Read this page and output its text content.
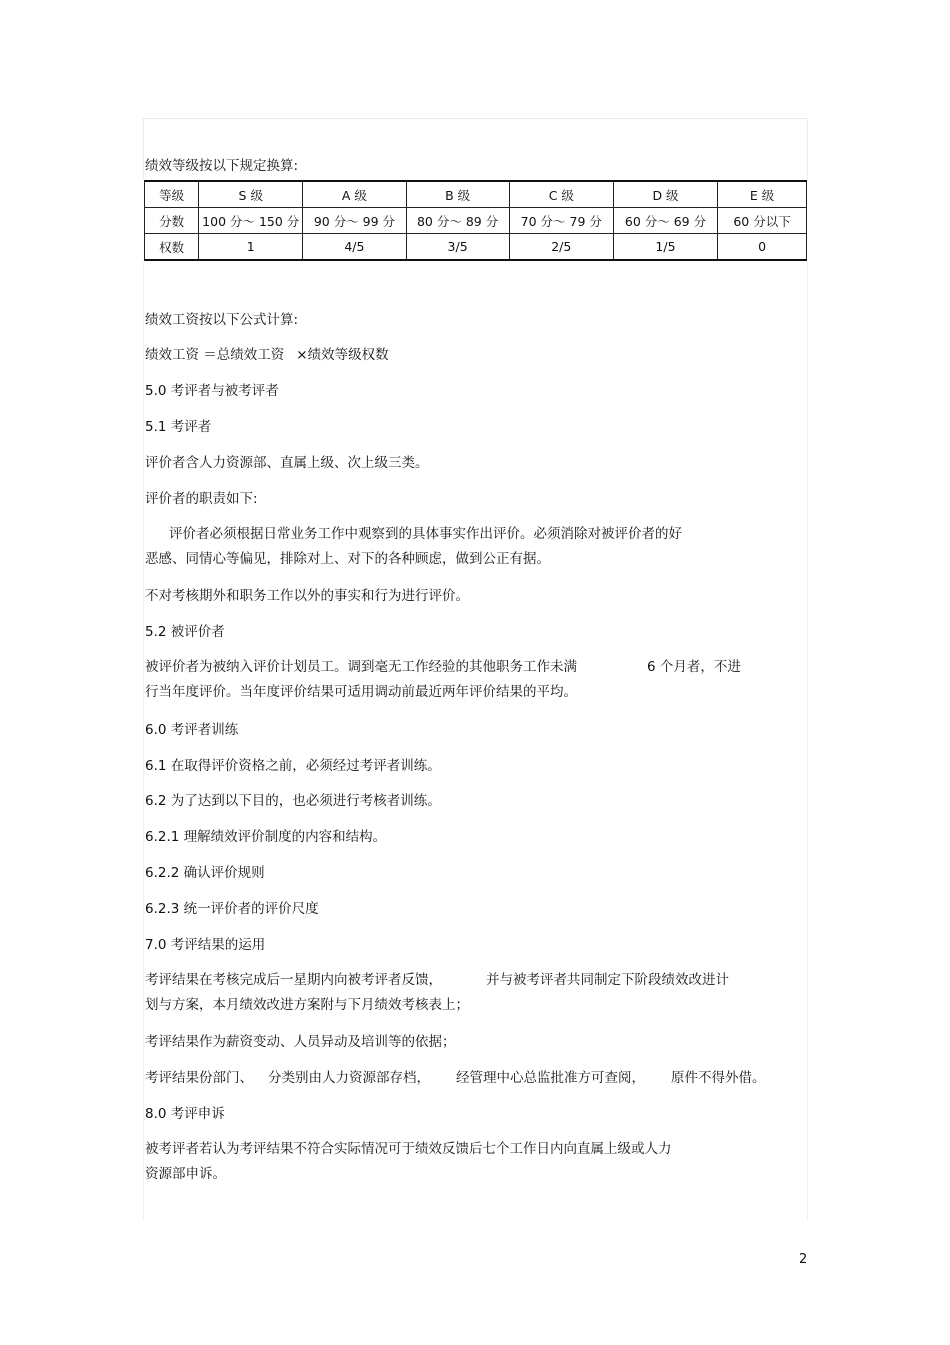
绩效等级按以下规定换算:
等级	S 级	A 级	B 级	C 级	D 级	E 级
分数	100 分～ 150 分	90 分～ 99 分	80 分～ 89 分	70 分～ 79 分	60 分～ 69 分	60 分以下
权数	1	4/5	3/5	2/5	1/5	0
绩效工资按以下公式计算:
绩效工资 ＝总绩效工资 ×绩效等级权数
5.0 考评者与被考评者
5.1 考评者
评价者含人力资源部、直属上级、次上级三类。
评价者的职责如下:
评价者必须根据日常业务工作中观察到的具体事实作出评价。必须消除对被评价者的好
恶感、同情心等偏见，排除对上、对下的各种顾虑，做到公正有据。
不对考核期外和职务工作以外的事实和行为进行评价。
5.2 被评价者
被评价者为被纳入评价计划员工。调到毫无工作经验的其他职务工作未满	6 个月者，不进
行当年度评价。当年度评价结果可适用调动前最近两年评价结果的平均。
6.0 考评者训练
6.1 在取得评价资格之前，必须经过考评者训练。
6.2 为了达到以下目的，也必须进行考核者训练。
6.2.1 理解绩效评价制度的内容和结构。
6.2.2 确认评价规则
6.2.3 统一评价者的评价尺度
7.0 考评结果的运用
考评结果在考核完成后一星期内向被考评者反馈，	并与被考评者共同制定下阶段绩效改进计
划与方案，本月绩效改进方案附与下月绩效考核表上；
考评结果作为薪资变动、人员异动及培训等的依据；
考评结果份部门、 分类别由人力资源部存档， 经管理中心总监批准方可查阅， 原件不得外借。
8.0 考评申诉
被考评者若认为考评结果不符合实际情况可于绩效反馈后七个工作日内向直属上级或人力
资源部申诉。
2
